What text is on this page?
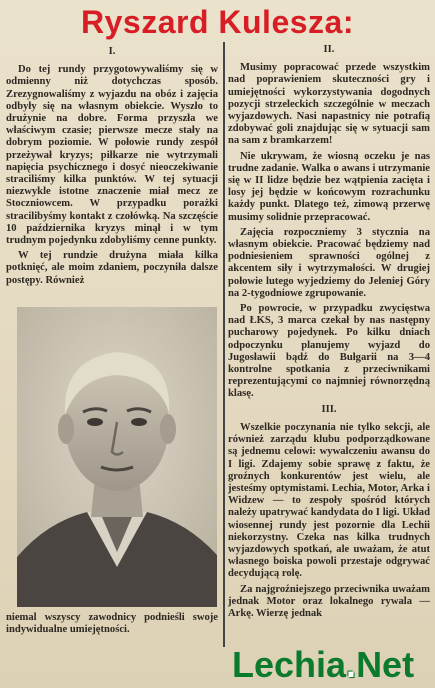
Ryszard Kulesza:

I.

Do tej rundy przygotowywaliśmy się w odmienny niż dotychczas sposób. Zrezygnowaliśmy z wyjazdu na obóz i zajęcia odbyły się na własnym obiekcie. Wyszło to drużynie na dobre. Forma przyszła we właściwym czasie; pierwsze mecze stały na dobrym poziomie. W połowie rundy zespół przeżywał kryzys; piłkarze nie wytrzymali napięcia psychicznego i dosyć nieoczekiwanie straciliśmy kilka punktów. W tej sytuacji niezwykle istotne znaczenie miał mecz ze Stoczniowcem. W przypadku porażki stracilibyśmy kontakt z czołówką. Na szczęście 10 października kryzys minął i w tym trudnym pojedynku zdobyliśmy cenne punkty.

W tej rundzie drużyna miała kilka potknięć, ale moim zdaniem, poczyniła dalsze postępy. Również

niemal wszyscy zawodnicy podnieśli swoje indywidualne umiejętności.

II.

Musimy popracować przede wszystkim nad poprawieniem skuteczności gry i umiejętności wykorzystywania dogodnych pozycji strzeleckich szczególnie w meczach wyjazdowych. Nasi napastnicy nie potrafią zdobywać goli znajdując się w sytuacji sam na sam z bramkarzem!

Nie ukrywam, że wiosną oczeku je nas trudne zadanie. Walka o awans i utrzymanie się w II lidze będzie bez wątpienia zacięta i losy jej będzie w końcowym rozrachunku każdy punkt. Dlatego też, zimową przerwę musimy solidnie przepracować.

Zajęcia rozpoczniemy 3 stycznia na własnym obiekcie. Pracować będziemy nad podniesieniem sprawności ogólnej z akcentem siły i wytrzymałości. W drugiej połowie lutego wyjedziemy do Jeleniej Góry na 2-tygodniowe zgrupowanie.

Po powrocie, w przypadku zwycięstwa nad ŁKS, 3 marca czekał by nas następny pucharowy pojedynek. Po kilku dniach odpoczynku planujemy wyjazd do Jugosławii bądź do Bułgarii na 3—4 kontrolne spotkania z przeciwnikami reprezentującymi co najmniej równorzędną klasę.

III.

Wszelkie poczynania nie tylko sekcji, ale również zarządu klubu podporządkowane są jednemu celowi: wywalczeniu awansu do I ligi. Zdajemy sobie sprawę z faktu, że groźnych konkurentów jest wielu, ale jesteśmy optymistami. Lechia, Motor, Arka i Widzew — to zespoły spośród których należy upatrywać kandydata do I ligi. Układ wiosennej rundy jest pozornie dla Lechii niekorzystny. Czeka nas kilka trudnych wyjazdowych spotkań, ale uważam, że atut własnego boiska powoli przestaje odgrywać decydującą rolę.

Za najgroźniejszego przeciwnika uważam jednak Motor oraz lokalnego rywala — Arkę. Wierzę jednak

Lechia.Net
